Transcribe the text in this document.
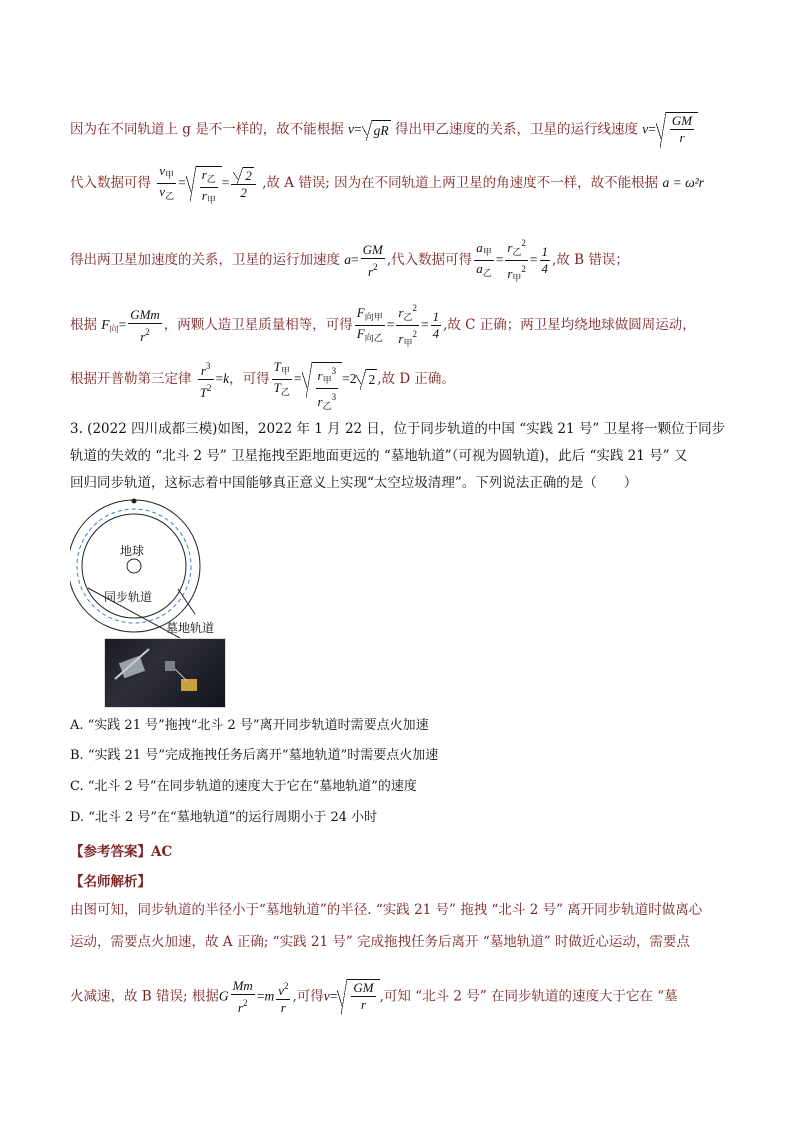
因为在不同轨道上 g 是不一样的，故不能根据 v= gR 得出甲乙速度的关系，卫星的运行线速度 $v= \frac{GM}{r}$
代入数据可得 $\frac{v_甲}{v_乙} = \frac{r_乙}{r_甲} = \frac{2}{2}$ ,故 A 错误; 因为在不同轨道上两卫星的角速度不一样，故不能根据 a = ω²r
得出两卫星加速度的关系，卫星的运行加速度 $a= \frac{GM}{r^2}$ ,代入数据可得 $\frac{a_甲}{a_乙} = \frac{r_乙^2}{r_甲^2} = \frac{1}{4}$ ,故 B 错误；
根据 $F_向= \frac{\text{GMm}}{r^2}$ ，两颗人造卫星质量相等，可得 $\frac{F_{向甲}}{F_{向乙}} = \frac{r_乙^2}{r_甲^2} = \frac{1}{4}$ ,故 C 正确；两卫星均绕地球做圆周运动，
根据开普勒第三定律 $\frac{r^3}{T^2} =k$，可得 $\frac{T_甲}{T_乙} = \frac{r_甲^3}{r_乙^3} =2$ 2 ,故 D 正确。
3. (2022 四川成都三模)如图，2022 年 1 月 22 日，位于同步轨道的中国 “实践 21 号” 卫星将一颗位于同步
轨道的失效的 “北斗 2 号” 卫星拖拽至距地面更远的 “墓地轨道”（可视为圆轨道)，此后 “实践 21 号” 又
回归同步轨道，这标志着中国能够真正意义上实现“太空垃圾清理”。下列说法正确的是（　　）
地球
同步轨道
墓地轨道
A. “实践 21 号”拖拽“北斗 2 号”离开同步轨道时需要点火加速
B. “实践 21 号”完成拖拽任务后离开“墓地轨道”时需要点火加速
C. “北斗 2 号”在同步轨道的速度大于它在“墓地轨道”的速度
D. “北斗 2 号”在“墓地轨道”的运行周期小于 24 小时
【参考答案】AC
【名师解析】
由图可知，同步轨道的半径小于“墓地轨道”的半径. “实践 21 号” 拖拽 “北斗 2 号” 离开同步轨道时做离心
运动，需要点火加速，故 A 正确; “实践 21 号” 完成拖拽任务后离开 “墓地轨道” 时做近心运动，需要点
火减速，故 B 错误; 根据G $\frac{Mm}{r^2} =m \frac{v^2}{r}$ ,可得$v= \frac{GM}{r}$ ,可知 “北斗 2 号” 在同步轨道的速度大于它在 “墓
